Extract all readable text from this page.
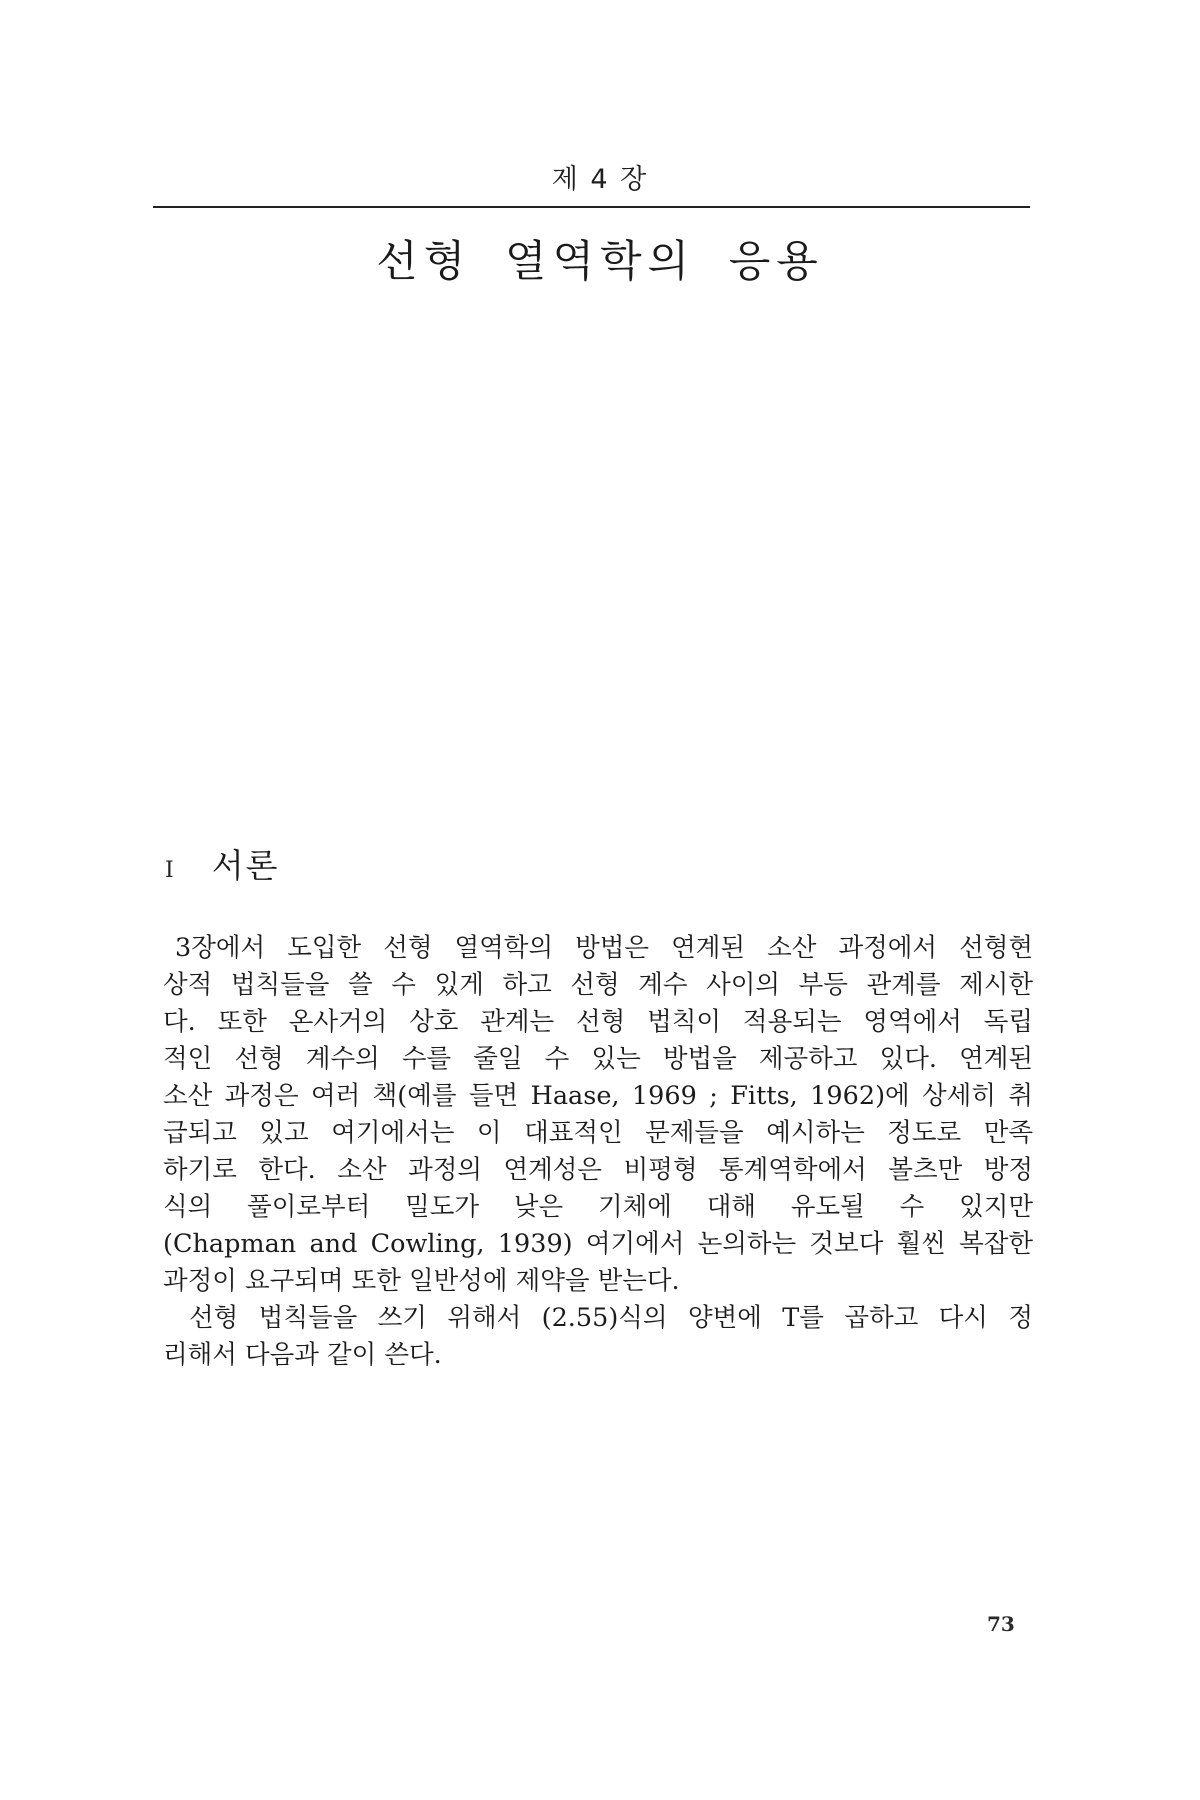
제 4 장
선형 열역학의 응용
I 서론
3장에서 도입한 선형 열역학의 방법은 연계된 소산 과정에서 선형현
상적 법칙들을 쓸 수 있게 하고 선형 계수 사이의 부등 관계를 제시한
다. 또한 온사거의 상호 관계는 선형 법칙이 적용되는 영역에서 독립
적인 선형 계수의 수를 줄일 수 있는 방법을 제공하고 있다. 연계된
소산 과정은 여러 책(예를 들면 Haase, 1969 ; Fitts, 1962)에 상세히 취
급되고 있고 여기에서는 이 대표적인 문제들을 예시하는 정도로 만족
하기로 한다. 소산 과정의 연계성은 비평형 통계역학에서 볼츠만 방정
식의 풀이로부터 밀도가 낮은 기체에 대해 유도될 수 있지만
(Chapman and Cowling, 1939) 여기에서 논의하는 것보다 훨씬 복잡한
과정이 요구되며 또한 일반성에 제약을 받는다.
선형 법칙들을 쓰기 위해서 (2.55)식의 양변에 T를 곱하고 다시 정
리해서 다음과 같이 쓴다.
73
